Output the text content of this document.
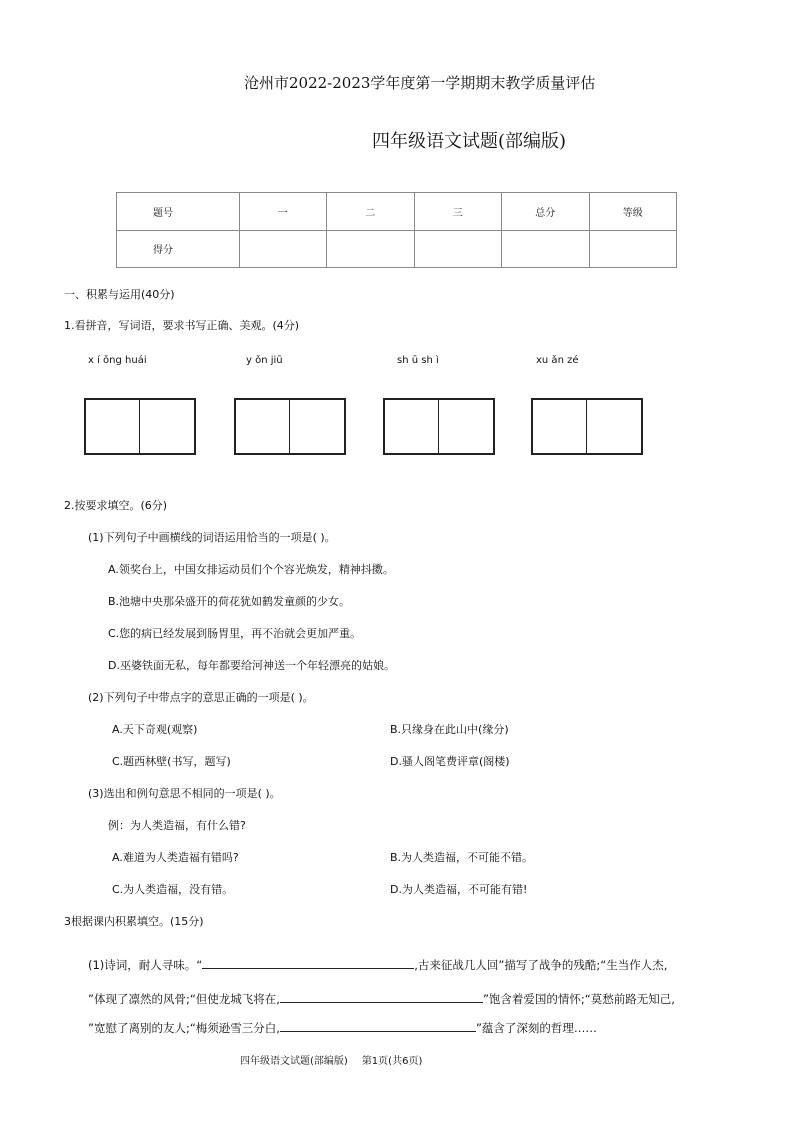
沧州市2022-2023学年度第一学期期末教学质量评估
四年级语文试题(部编版)
题号	一	二	三	总分	等级
得分					
一、积累与运用(40分)
1.看拼音，写词语，要求书写正确、美观。(4分)
x í ǒng huái	y ǒn jiū	sh ū sh ì	xu ǎn zé
2.按要求填空。(6分)
(1)下列句子中画横线的词语运用恰当的一项是( )。
A.领奖台上，中国女排运动员们个个容光焕发，精神抖擞。
B.池塘中央那朵盛开的荷花犹如鹤发童颜的少女。
C.您的病已经发展到肠胃里，再不治就会更加严重。
D.巫婆铁面无私，每年都要给河神送一个年轻漂亮的姑娘。
(2)下列句子中带点字的意思正确的一项是( )。
A.天下奇观(观察)	B.只缘身在此山中(缘分)
C.题西林壁(书写，题写)	D.骚人阁笔费评章(阁楼)
(3)选出和例句意思不相同的一项是( )。
例：为人类造福，有什么错?
A.难道为人类造福有错吗?	B.为人类造福，不可能不错。
C.为人类造福，没有错。	D.为人类造福，不可能有错!
3根据课内积累填空。(15分)
(1)诗词，耐人寻味。“	,古来征战几人回”描写了战争的残酷;“生当作人杰,
”体现了凛然的风骨;“但使龙城飞将在,	”饱含着爱国的情怀;“莫愁前路无知己,
”宽慰了离别的友人;“梅须逊雪三分白,	”蕴含了深刻的哲理……
四年级语文试题(部编版) 第1页(共6页)
